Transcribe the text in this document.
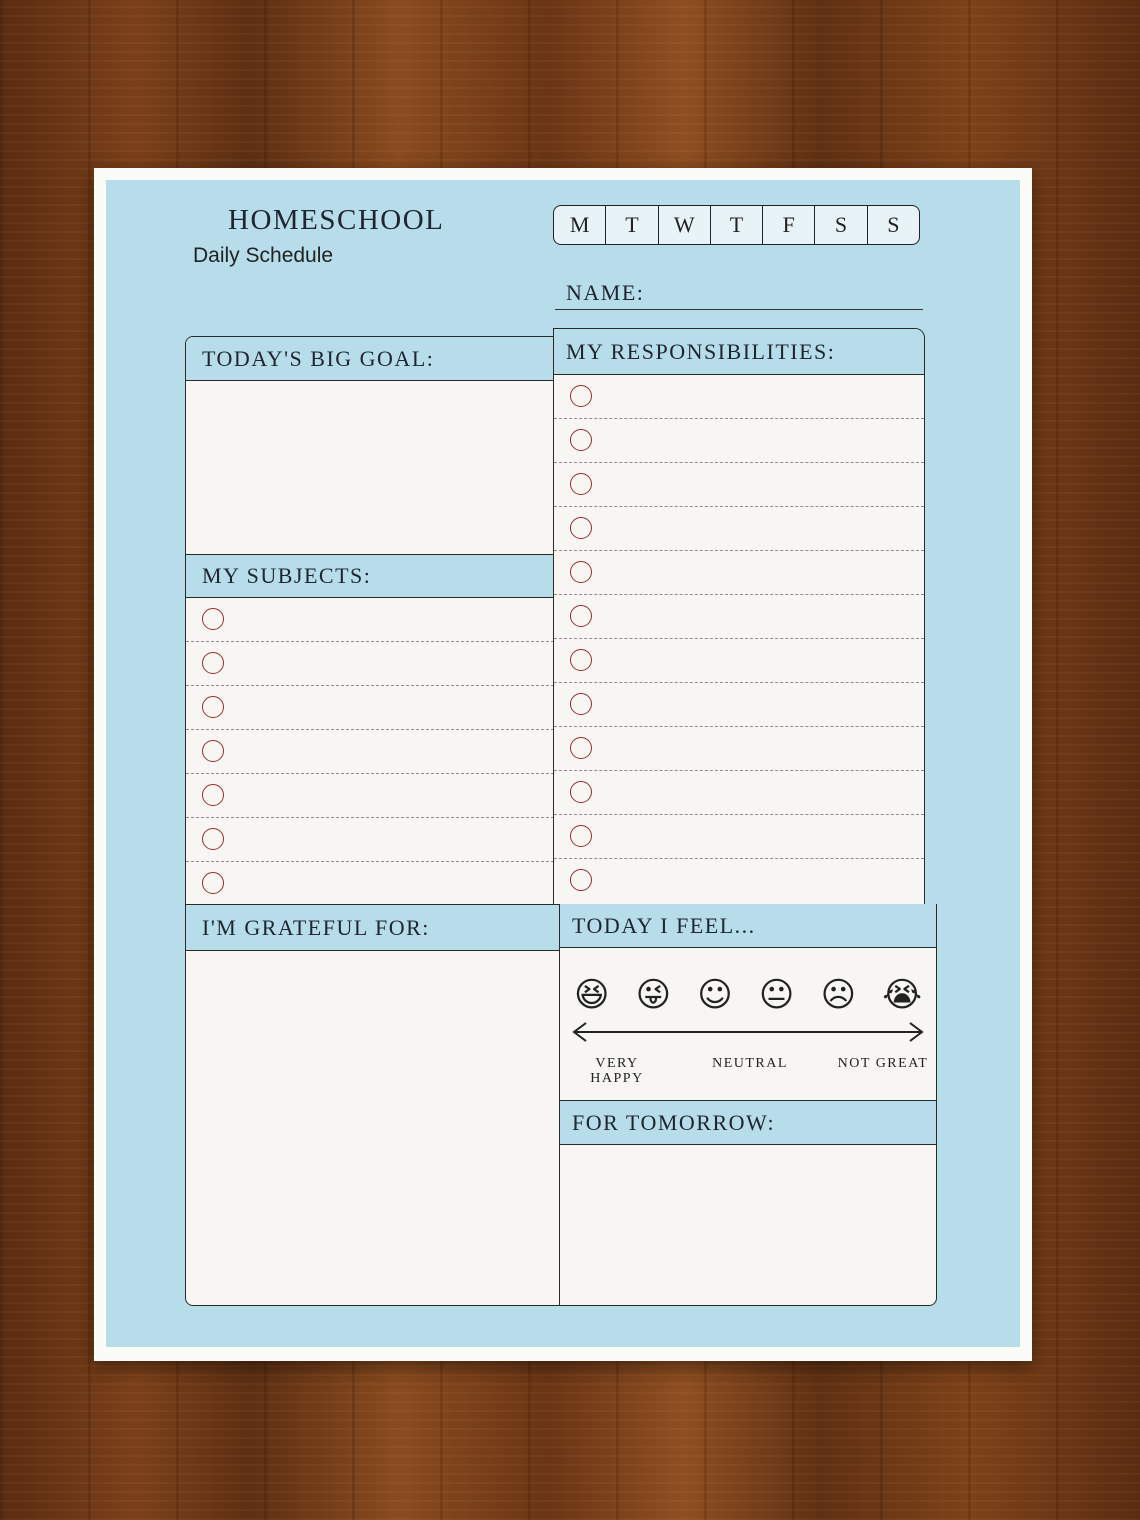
HOMESCHOOL
Daily Schedule
M	T	W	T	F	S	S
NAME:
TODAY'S BIG GOAL:
MY SUBJECTS:
MY RESPONSIBILITIES:
I'M GRATEFUL FOR:	TODAY I FEEL...
😆 😜 ☺ 😐 ☹ 😭
VERY HAPPY
NEUTRAL	NOT GREAT
FOR TOMORROW:
